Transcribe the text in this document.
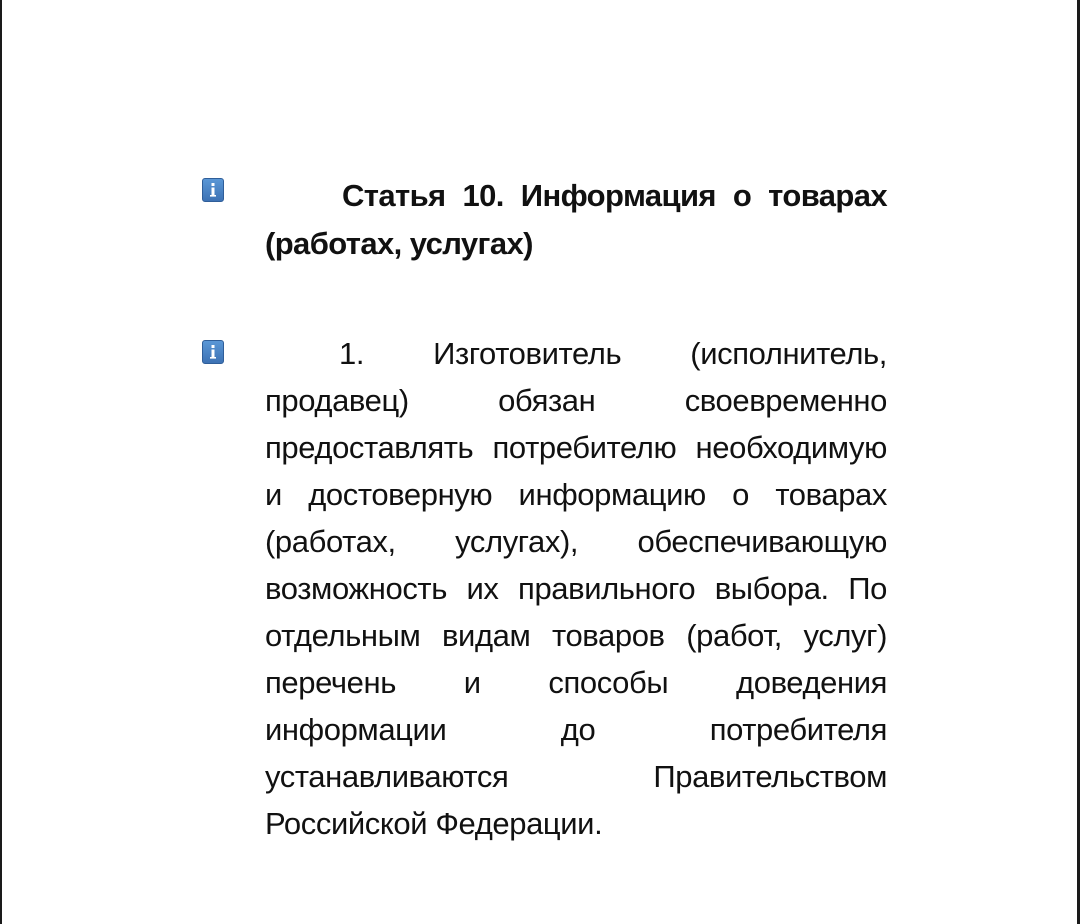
Статья 10. Информация о товарах (работах, услугах)

1. Изготовитель (исполнитель, продавец) обязан своевременно предоставлять потребителю необходимую и достоверную информацию о товарах (работах, услугах), обеспечивающую возможность их правильного выбора. По отдельным видам товаров (работ, услуг) перечень и способы доведения информации до потребителя устанавливаются Правительством Российской Федерации.
